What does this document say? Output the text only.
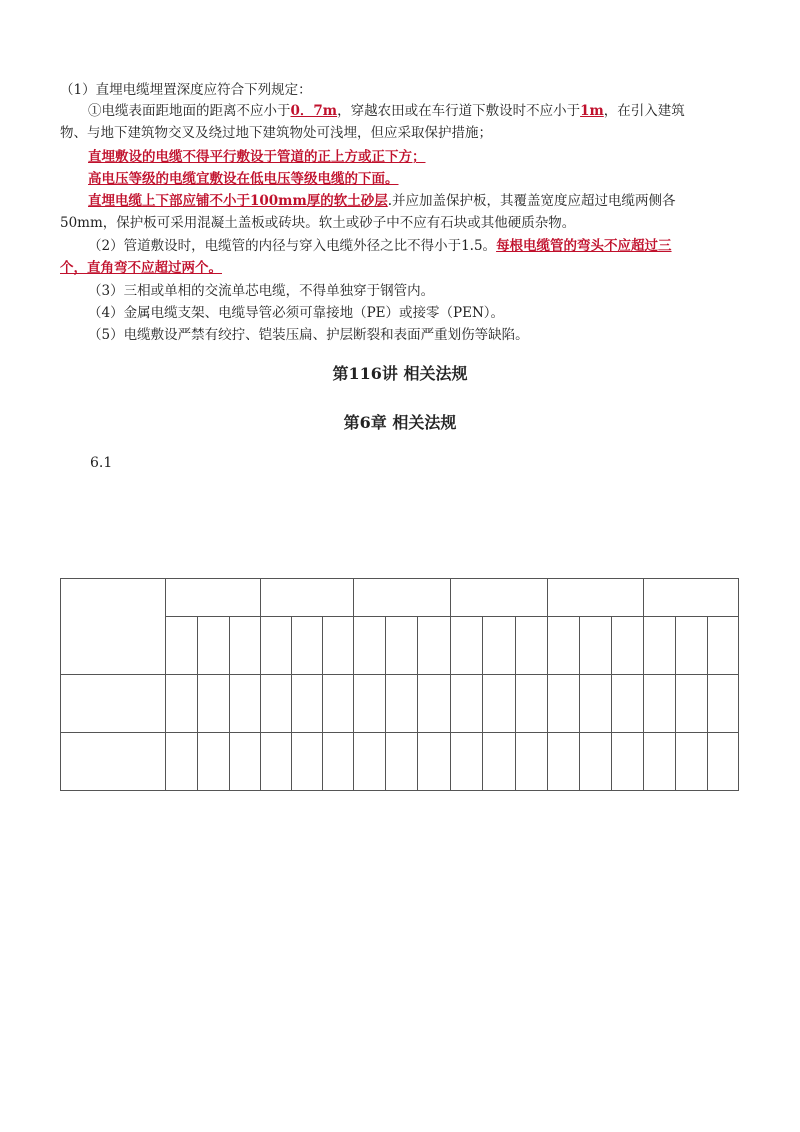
（1）直埋电缆埋置深度应符合下列规定：
①电缆表面距地面的距离不应小于0．7m，穿越农田或在车行道下敷设时不应小于1m，在引入建筑
物、与地下建筑物交叉及绕过地下建筑物处可浅埋，但应采取保护措施；
直埋敷设的电缆不得平行敷设于管道的正上方或正下方；
高电压等级的电缆宜敷设在低电压等级电缆的下面。
直埋电缆上下部应铺不小于100mm厚的软土砂层.并应加盖保护板，其覆盖宽度应超过电缆两侧各
50mm，保护板可采用混凝土盖板或砖块。软土或砂子中不应有石块或其他硬质杂物。
（2）管道敷设时，电缆管的内径与穿入电缆外径之比不得小于1.5。每根电缆管的弯头不应超过三
个，直角弯不应超过两个。
（3）三相或单相的交流单芯电缆，不得单独穿于钢管内。
（4）金属电缆支架、电缆导管必须可靠接地（PE）或接零（PEN）。
（5）电缆敷设严禁有绞拧、铠装压扁、护层断裂和表面严重划伤等缺陷。
第116讲 相关法规
第6章 相关法规
6.1
